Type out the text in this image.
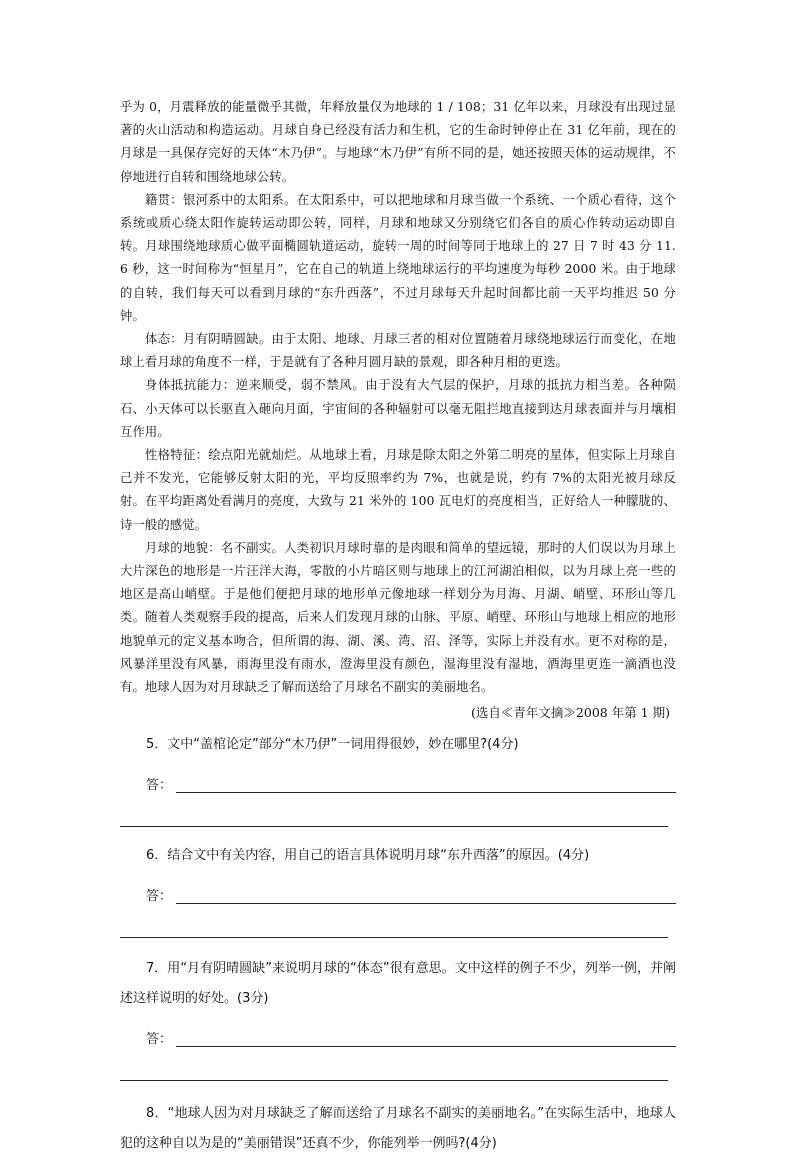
乎为 0，月震释放的能量微乎其微，年释放量仅为地球的 1 / 108；31 亿年以来，月球没有出现过显著的火山活动和构造运动。月球自身已经没有活力和生机，它的生命时钟停止在 31 亿年前，现在的月球是一具保存完好的天体“木乃伊”。与地球“木乃伊”有所不同的是，她还按照天体的运动规律，不停地进行自转和围绕地球公转。

籍贯：银河系中的太阳系。在太阳系中，可以把地球和月球当做一个系统、一个质心看待，这个系统或质心绕太阳作旋转运动即公转，同样，月球和地球又分别绕它们各自的质心作转动运动即自转。月球围绕地球质心做平面椭圆轨道运动，旋转一周的时间等同于地球上的 27 日 7 时 43 分 11. 6 秒，这一时间称为“恒星月”，它在自己的轨道上绕地球运行的平均速度为每秒 2000 米。由于地球的自转，我们每天可以看到月球的“东升西落”，不过月球每天升起时间都比前一天平均推迟 50 分钟。

体态：月有阴晴圆缺。由于太阳、地球、月球三者的相对位置随着月球绕地球运行而变化，在地球上看月球的角度不一样，于是就有了各种月圆月缺的景观，即各种月相的更迭。

身体抵抗能力：逆来顺受，弱不禁风。由于没有大气层的保护，月球的抵抗力相当差。各种陨石、小天体可以长驱直入砸向月面，宇宙间的各种辐射可以毫无阻拦地直接到达月球表面并与月壤相互作用。

性格特征：绘点阳光就灿烂。从地球上看，月球是除太阳之外第二明亮的星体，但实际上月球自己并不发光，它能够反射太阳的光，平均反照率约为 7%，也就是说，约有 7%的太阳光被月球反射。在平均距离处看满月的亮度，大致与 21 米外的 100 瓦电灯的亮度相当，正好给人一种朦胧的、诗一般的感觉。

月球的地貌：名不副实。人类初识月球时靠的是肉眼和简单的望远镜，那时的人们误以为月球上大片深色的地形是一片汪洋大海，零散的小片暗区则与地球上的江河湖泊相似，以为月球上亮一些的地区是高山峭壁。于是他们便把月球的地形单元像地球一样划分为月海、月湖、峭壁、环形山等几类。随着人类观察手段的提高，后来人们发现月球的山脉、平原、峭壁、环形山与地球上相应的地形地貌单元的定义基本吻合，但所谓的海、湖、溪、湾、沼、泽等，实际上并没有水。更不对称的是，风暴洋里没有风暴，雨海里没有雨水，澄海里没有颜色，湿海里没有湿地，酒海里更连一滴酒也没有。地球人因为对月球缺乏了解而送给了月球名不副实的美丽地名。

(选自≪青年文摘≫2008 年第 1 期)

5．文中“盖棺论定”部分“木乃伊”一词用得很妙，妙在哪里?(4分)

答：

6．结合文中有关内容，用自己的语言具体说明月球“东升西落”的原因。(4分)

答：

7．用“月有阴晴圆缺”来说明月球的“体态”很有意思。文中这样的例子不少，列举一例，并阐述这样说明的好处。(3分)

答：

8．“地球人因为对月球缺乏了解而送给了月球名不副实的美丽地名。”在实际生活中，地球人犯的这种自以为是的“美丽错误”还真不少，你能列举一例吗?(4分)
